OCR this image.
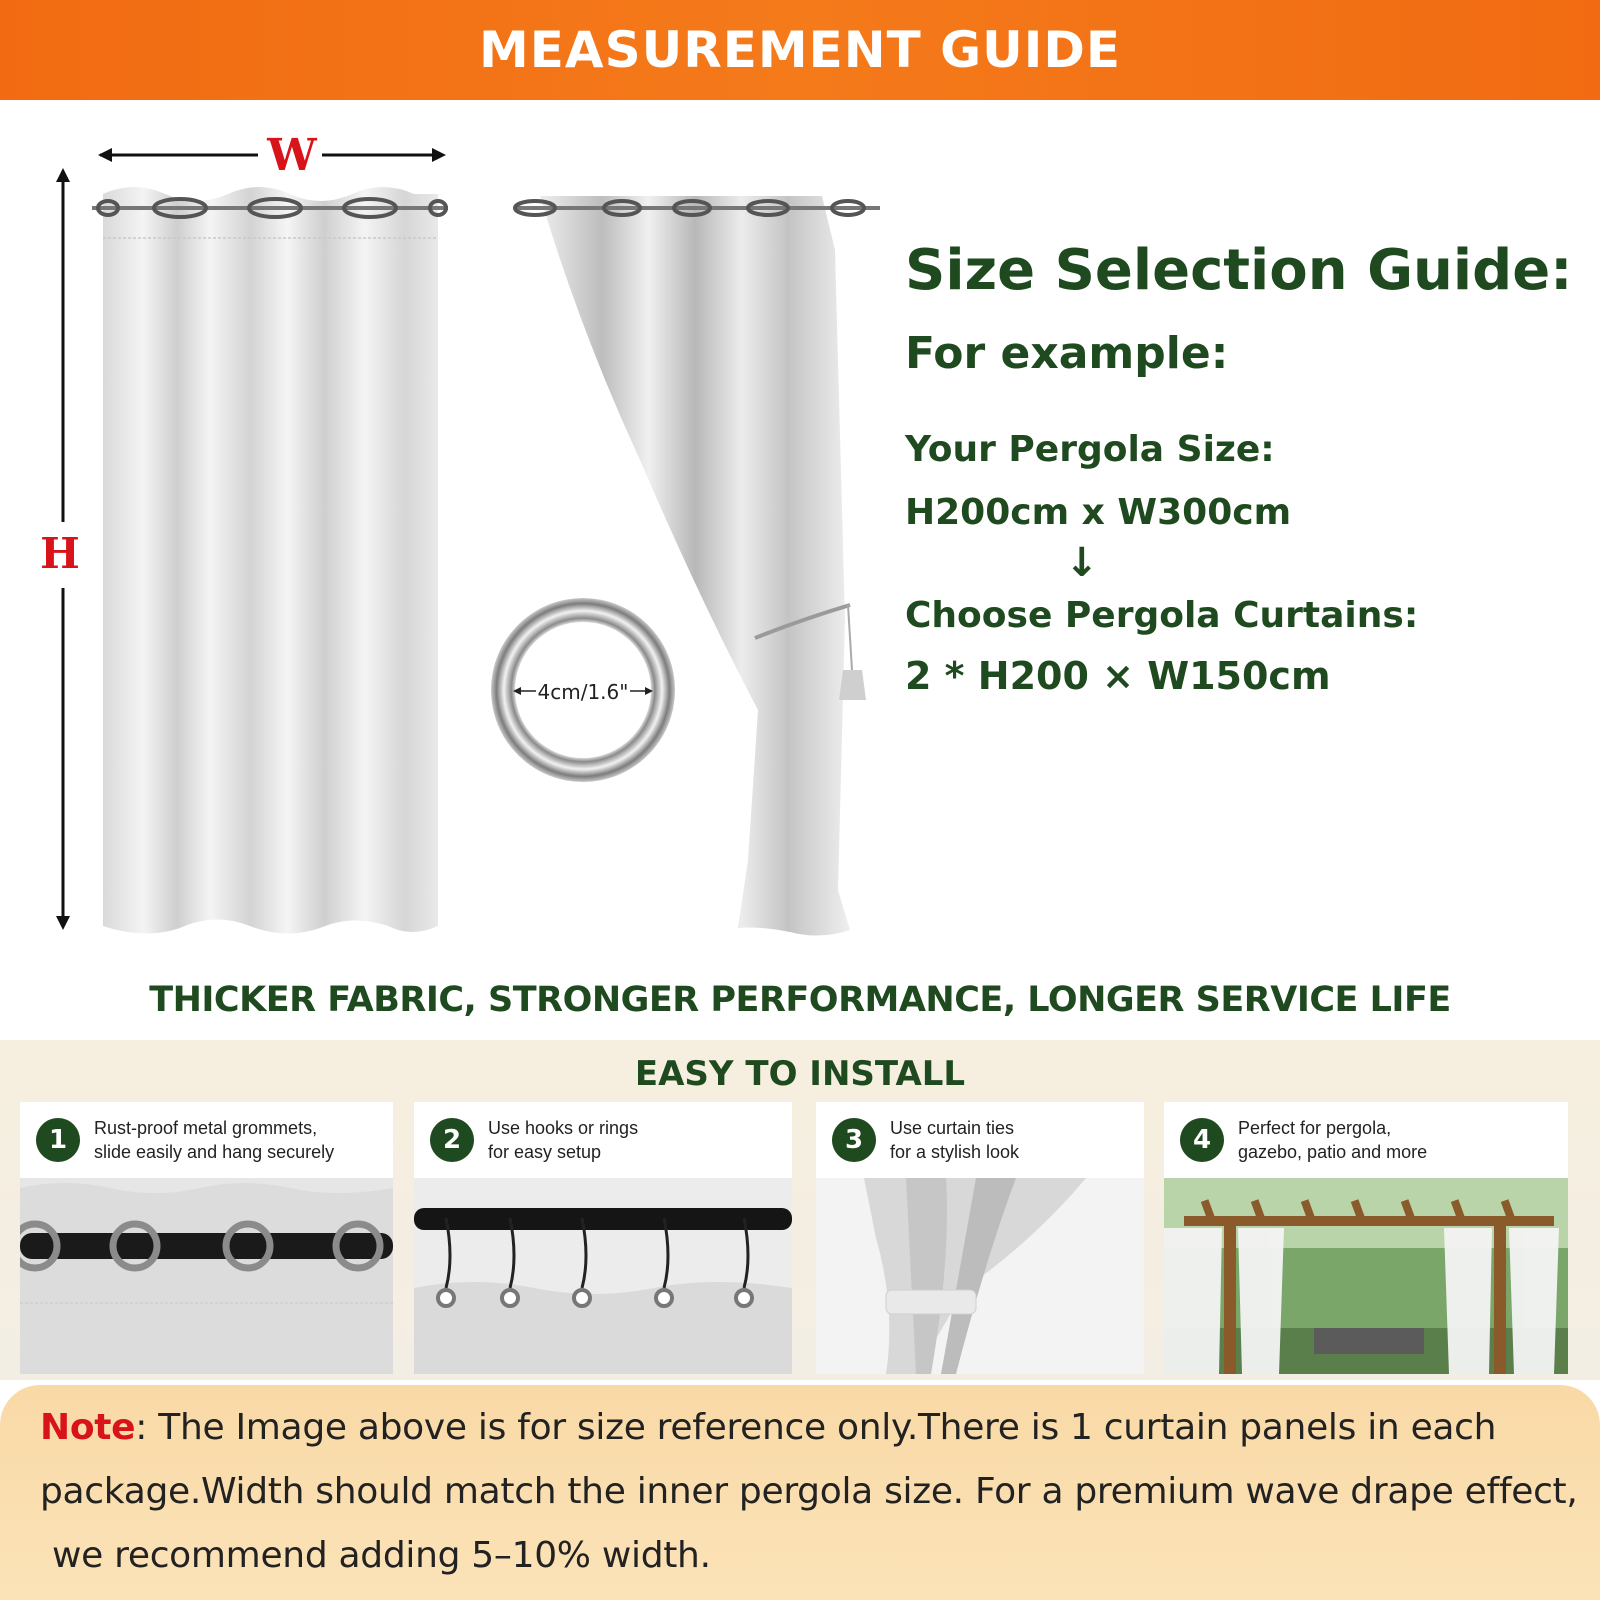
MEASUREMENT GUIDE
W
H
4cm/1.6"
Size Selection Guide:
For example:
Your Pergola Size:
H200cm x W300cm
↓
Choose Pergola Curtains:
2 * H200 × W150cm
THICKER FABRIC, STRONGER PERFORMANCE, LONGER SERVICE LIFE
EASY TO INSTALL
1	Rust-proof metal grommets,
slide easily and hang securely	2	Use hooks or rings
for easy setup	3	Use curtain ties
for a stylish look	4	Perfect for pergola,
gazebo, patio and more
Note: The Image above is for size reference only.There is 1 curtain panels in each
package.Width should match the inner pergola size. For a premium wave drape effect,
we recommend adding 5–10% width.
